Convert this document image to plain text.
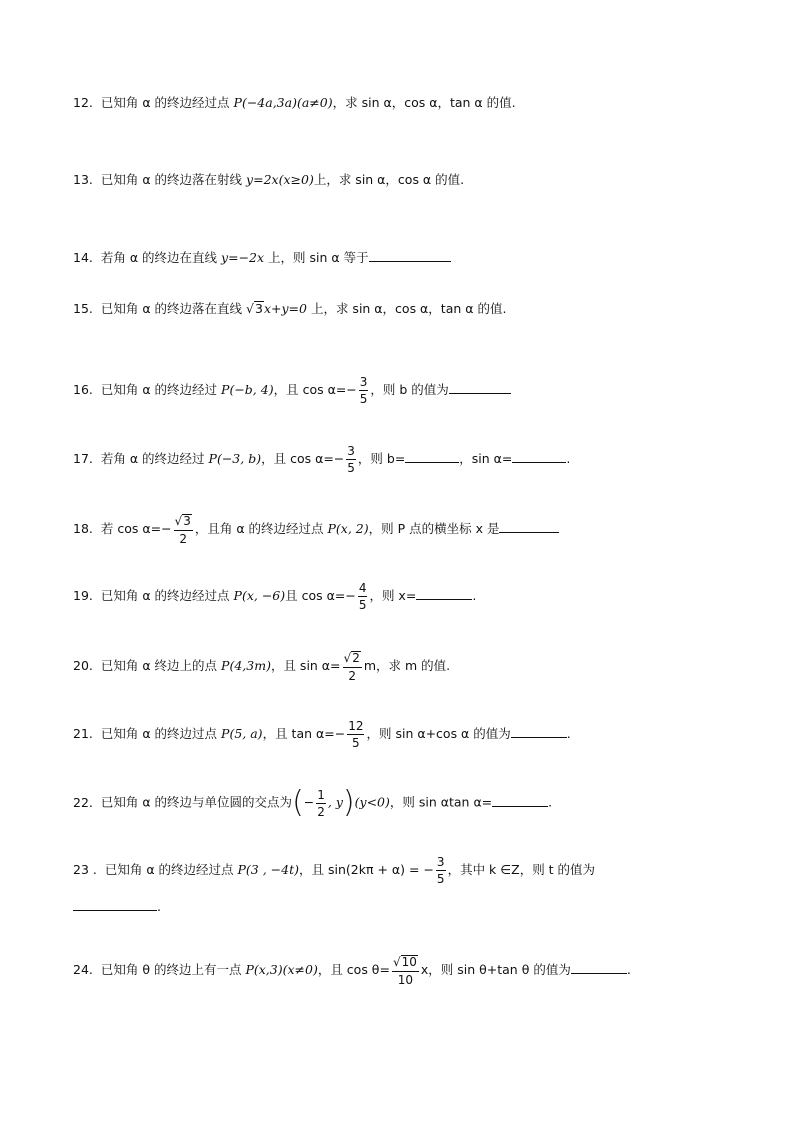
12. 已知角 α 的终边经过点 P(−4a,3a)(a≠0)，求 sin α，cos α，tan α 的值.
13. 已知角 α 的终边落在射线 y=2x(x≥0)上，求 sin α，cos α 的值.
14. 若角 α 的终边在直线 y=−2x 上，则 sin α 等于
15. 已知角 α 的终边落在直线 √3x+y=0 上，求 sin α，cos α，tan α 的值.
16. 已知角 α 的终边经过 P(−b, 4)，且 $\cos \alpha=- \frac{3}{5}$ ，则 b 的值为
17. 若角 α 的终边经过 P(−3, b)，且 $\cos \alpha=- \frac{3}{5}$ ，则 b=	，sin α=	.
18. 若 $\cos \alpha=- \frac{√3}{2}$ ，且角 α 的终边经过点 P(x, 2)，则 P 点的横坐标 x 是
19. 已知角 α 的终边经过点 P(x, −6)且 $\cos \alpha=- \frac{4}{5}$ ，则 x=	.
20. 已知角 α 终边上的点 P(4,3m)，且 $\sin \alpha= \frac{√2}{2}$ m，求 m 的值.
21. 已知角 α 的终边过点 P(5, a)，且 $\tan \alpha=- \frac{12}{5}$ ，则 sin α+cos α 的值为	.
22. 已知角 α 的终边与单位圆的交点为(− $\frac{1}{2}$ , y)(y<0)，则 sin αtan α=	.
23 . 已知角 α 的终边经过点 P(3 , −4t)，且 sin(2kπ + α) = − $\frac{3}{5}$ ，其中 k ∈Z，则 t 的值为
.
24. 已知角 θ 的终边上有一点 P(x,3)(x≠0)，且 $\cos \theta= \frac{√10}{10}$ x，则 sin θ+tan θ 的值为	.
